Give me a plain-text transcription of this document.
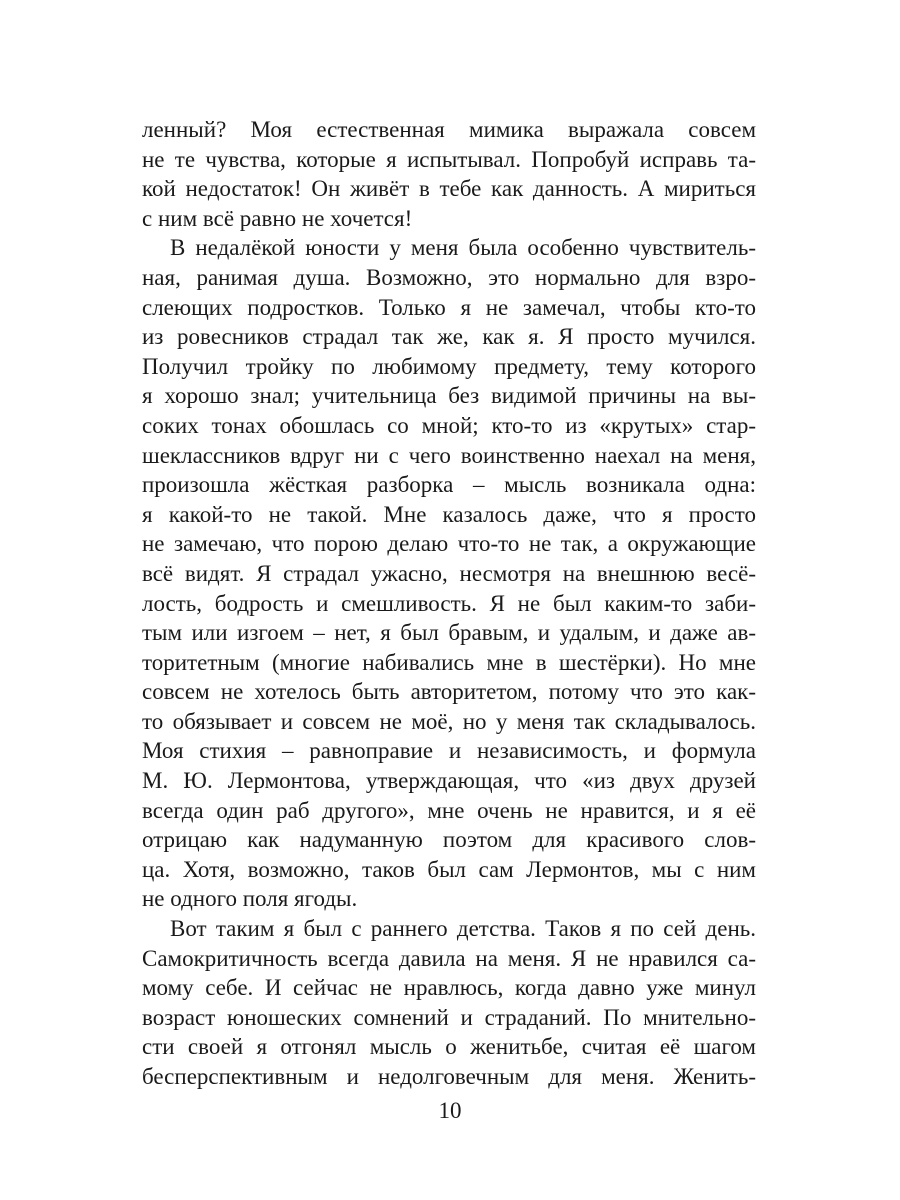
ленный? Моя естественная мимика выражала совсем
не те чувства, которые я испытывал. Попробуй исправь та-
кой недостаток! Он живёт в тебе как данность. А мириться
с ним всё равно не хочется!
В недалёкой юности у меня была особенно чувствитель-
ная, ранимая душа. Возможно, это нормально для взро-
слеющих подростков. Только я не замечал, чтобы кто-то
из ровесников страдал так же, как я. Я просто мучился.
Получил тройку по любимому предмету, тему которого
я хорошо знал; учительница без видимой причины на вы-
соких тонах обошлась со мной; кто-то из «крутых» стар-
шеклассников вдруг ни с чего воинственно наехал на меня,
произошла жёсткая разборка – мысль возникала одна:
я какой-то не такой. Мне казалось даже, что я просто
не замечаю, что порою делаю что-то не так, а окружающие
всё видят. Я страдал ужасно, несмотря на внешнюю весё-
лость, бодрость и смешливость. Я не был каким-то заби-
тым или изгоем – нет, я был бравым, и удалым, и даже ав-
торитетным (многие набивались мне в шестёрки). Но мне
совсем не хотелось быть авторитетом, потому что это как-
то обязывает и совсем не моё, но у меня так складывалось.
Моя стихия – равноправие и независимость, и формула
М. Ю. Лермонтова, утверждающая, что «из двух друзей
всегда один раб другого», мне очень не нравится, и я её
отрицаю как надуманную поэтом для красивого слов-
ца. Хотя, возможно, таков был сам Лермонтов, мы с ним
не одного поля ягоды.
Вот таким я был с раннего детства. Таков я по сей день.
Самокритичность всегда давила на меня. Я не нравился са-
мому себе. И сейчас не нравлюсь, когда давно уже минул
возраст юношеских сомнений и страданий. По мнительно-
сти своей я отгонял мысль о женитьбе, считая её шагом
бесперспективным и недолговечным для меня. Женить-
10
